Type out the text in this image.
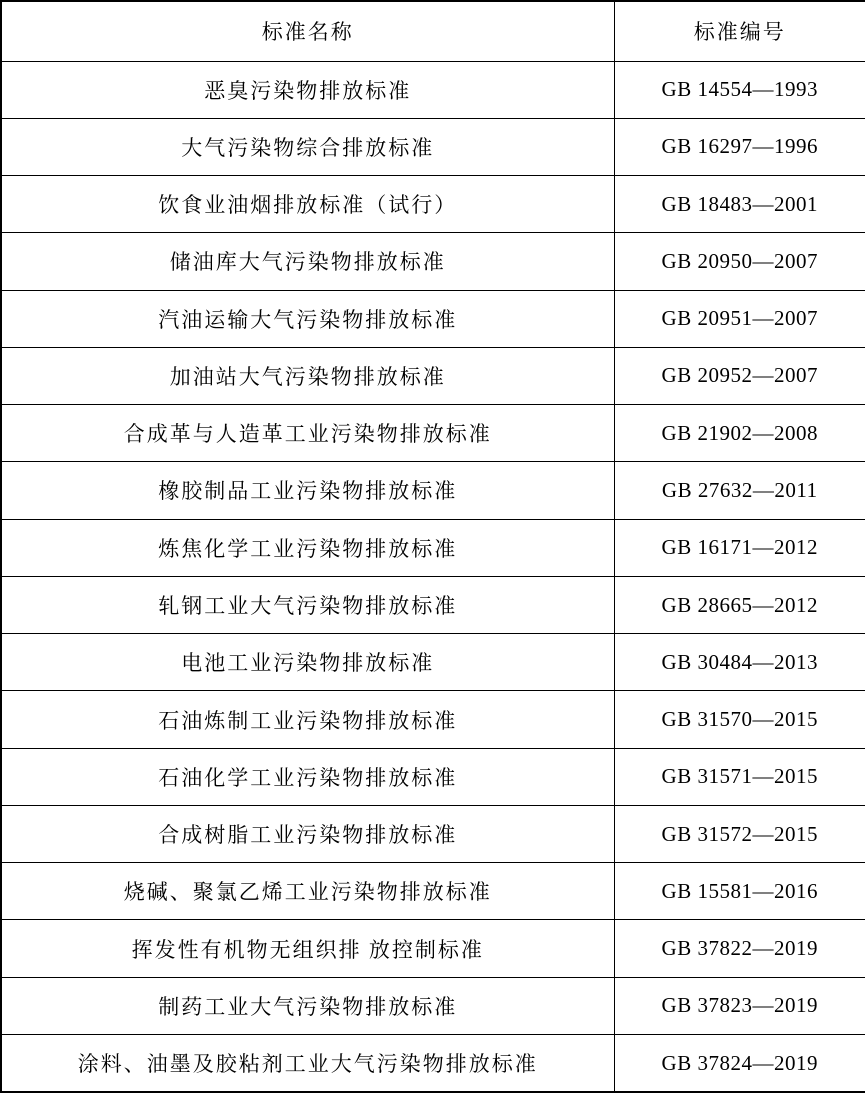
标准名称	标准编号
恶臭污染物排放标准	GB 14554—1993
大气污染物综合排放标准	GB 16297—1996
饮食业油烟排放标准（试行）	GB 18483—2001
储油库大气污染物排放标准	GB 20950—2007
汽油运输大气污染物排放标准	GB 20951—2007
加油站大气污染物排放标准	GB 20952—2007
合成革与人造革工业污染物排放标准	GB 21902—2008
橡胶制品工业污染物排放标准	GB 27632—2011
炼焦化学工业污染物排放标准	GB 16171—2012
轧钢工业大气污染物排放标准	GB 28665—2012
电池工业污染物排放标准	GB 30484—2013
石油炼制工业污染物排放标准	GB 31570—2015
石油化学工业污染物排放标准	GB 31571—2015
合成树脂工业污染物排放标准	GB 31572—2015
烧碱、聚氯乙烯工业污染物排放标准	GB 15581—2016
挥发性有机物无组织排 放控制标准	GB 37822—2019
制药工业大气污染物排放标准	GB 37823—2019
涂料、油墨及胶粘剂工业大气污染物排放标准	GB 37824—2019
